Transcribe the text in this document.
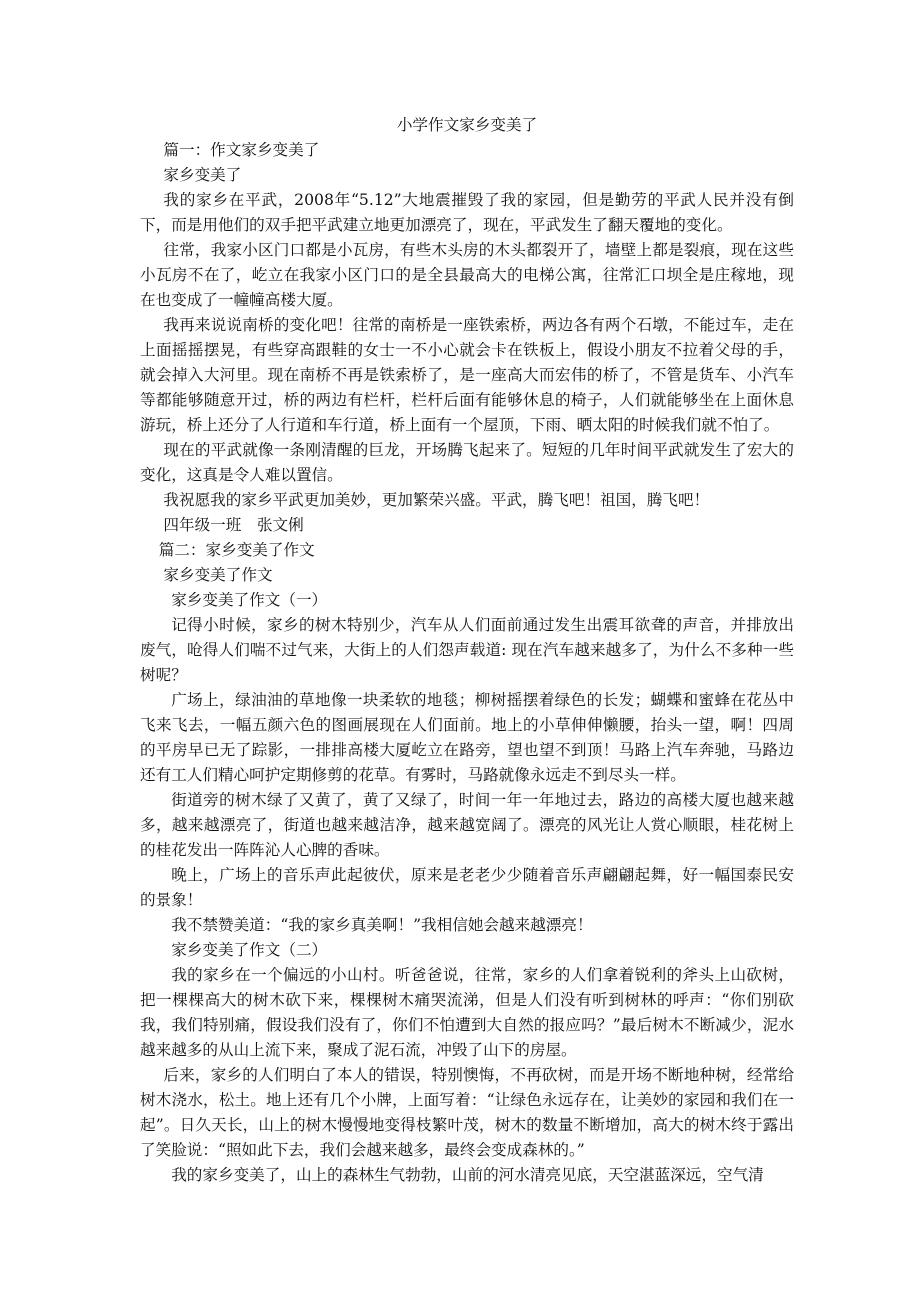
小学作文家乡变美了
篇一：作文家乡变美了
家乡变美了
我的家乡在平武，2008年“5.12”大地震摧毁了我的家园，但是勤劳的平武人民并没有倒下，而是用他们的双手把平武建立地更加漂亮了，现在，平武发生了翻天覆地的变化。
往常，我家小区门口都是小瓦房，有些木头房的木头都裂开了，墙壁上都是裂痕，现在这些小瓦房不在了，屹立在我家小区门口的是全县最高大的电梯公寓，往常汇口坝全是庄稼地，现在也变成了一幢幢高楼大厦。
我再来说说南桥的变化吧！往常的南桥是一座铁索桥，两边各有两个石墩，不能过车，走在上面摇摇摆晃，有些穿高跟鞋的女士一不小心就会卡在铁板上，假设小朋友不拉着父母的手，就会掉入大河里。现在南桥不再是铁索桥了，是一座高大而宏伟的桥了，不管是货车、小汽车等都能够随意开过，桥的两边有栏杆，栏杆后面有能够休息的椅子，人们就能够坐在上面休息游玩，桥上还分了人行道和车行道，桥上面有一个屋顶，下雨、晒太阳的时候我们就不怕了。
现在的平武就像一条刚清醒的巨龙，开场腾飞起来了。短短的几年时间平武就发生了宏大的变化，这真是令人难以置信。
我祝愿我的家乡平武更加美妙，更加繁荣兴盛。平武，腾飞吧！祖国，腾飞吧！
四年级一班　张文俐
篇二：家乡变美了作文
家乡变美了作文
家乡变美了作文（一）
记得小时候，家乡的树木特别少，汽车从人们面前通过发生出震耳欲聋的声音，并排放出废气，呛得人们喘不过气来，大街上的人们怨声载道: 现在汽车越来越多了，为什么不多种一些树呢？
广场上，绿油油的草地像一块柔软的地毯；柳树摇摆着绿色的长发；蝴蝶和蜜蜂在花丛中飞来飞去，一幅五颜六色的图画展现在人们面前。地上的小草伸伸懒腰，抬头一望，啊！四周的平房早已无了踪影，一排排高楼大厦屹立在路旁，望也望不到顶！马路上汽车奔驰，马路边还有工人们精心呵护定期修剪的花草。有雾时，马路就像永远走不到尽头一样。
街道旁的树木绿了又黄了，黄了又绿了，时间一年一年地过去，路边的高楼大厦也越来越多，越来越漂亮了，街道也越来越洁净，越来越宽阔了。漂亮的风光让人赏心顺眼，桂花树上的桂花发出一阵阵沁人心脾的香味。
晚上，广场上的音乐声此起彼伏，原来是老老少少随着音乐声翩翩起舞，好一幅国泰民安的景象！
我不禁赞美道：“我的家乡真美啊！”我相信她会越来越漂亮！
家乡变美了作文（二）
我的家乡在一个偏远的小山村。听爸爸说，往常，家乡的人们拿着锐利的斧头上山砍树，把一棵棵高大的树木砍下来，棵棵树木痛哭流涕，但是人们没有听到树林的呼声：“你们别砍我，我们特别痛，假设我们没有了，你们不怕遭到大自然的报应吗？”最后树木不断减少，泥水越来越多的从山上流下来，聚成了泥石流，冲毁了山下的房屋。
后来，家乡的人们明白了本人的错误，特别懊悔，不再砍树，而是开场不断地种树，经常给树木浇水，松土。地上还有几个小牌，上面写着：“让绿色永远存在，让美妙的家园和我们在一起”。日久天长，山上的树木慢慢地变得枝繁叶茂，树木的数量不断增加，高大的树木终于露出了笑脸说：“照如此下去，我们会越来越多，最终会变成森林的。”
我的家乡变美了，山上的森林生气勃勃，山前的河水清亮见底，天空湛蓝深远，空气清
